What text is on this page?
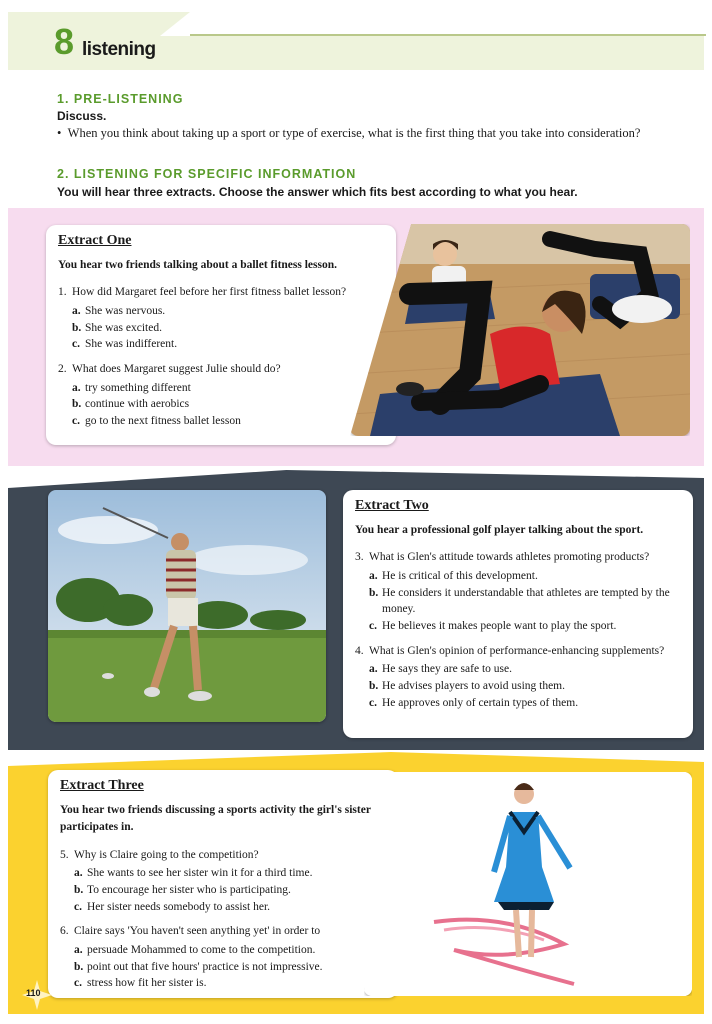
8 listening
1. PRE-LISTENING
Discuss.
•  When you think about taking up a sport or type of exercise, what is the first thing that you take into consideration?
2. LISTENING FOR SPECIFIC INFORMATION
You will hear three extracts. Choose the answer which fits best according to what you hear.
Extract One
You hear two friends talking about a ballet fitness lesson.
1. How did Margaret feel before her first fitness ballet lesson?
a. She was nervous.
b. She was excited.
c. She was indifferent.
2. What does Margaret suggest Julie should do?
a. try something different
b. continue with aerobics
c. go to the next fitness ballet lesson
Extract Two
You hear a professional golf player talking about the sport.
3. What is Glen's attitude towards athletes promoting products?
a. He is critical of this development.
b. He considers it understandable that athletes are tempted by the money.
c. He believes it makes people want to play the sport.
4. What is Glen's opinion of performance-enhancing supplements?
a. He says they are safe to use.
b. He advises players to avoid using them.
c. He approves only of certain types of them.
Extract Three
You hear two friends discussing a sports activity the girl's sister participates in.
5. Why is Claire going to the competition?
a. She wants to see her sister win it for a third time.
b. To encourage her sister who is participating.
c. Her sister needs somebody to assist her.
6. Claire says 'You haven't seen anything yet' in order to
a. persuade Mohammed to come to the competition.
b. point out that five hours' practice is not impressive.
c. stress how fit her sister is.
110
